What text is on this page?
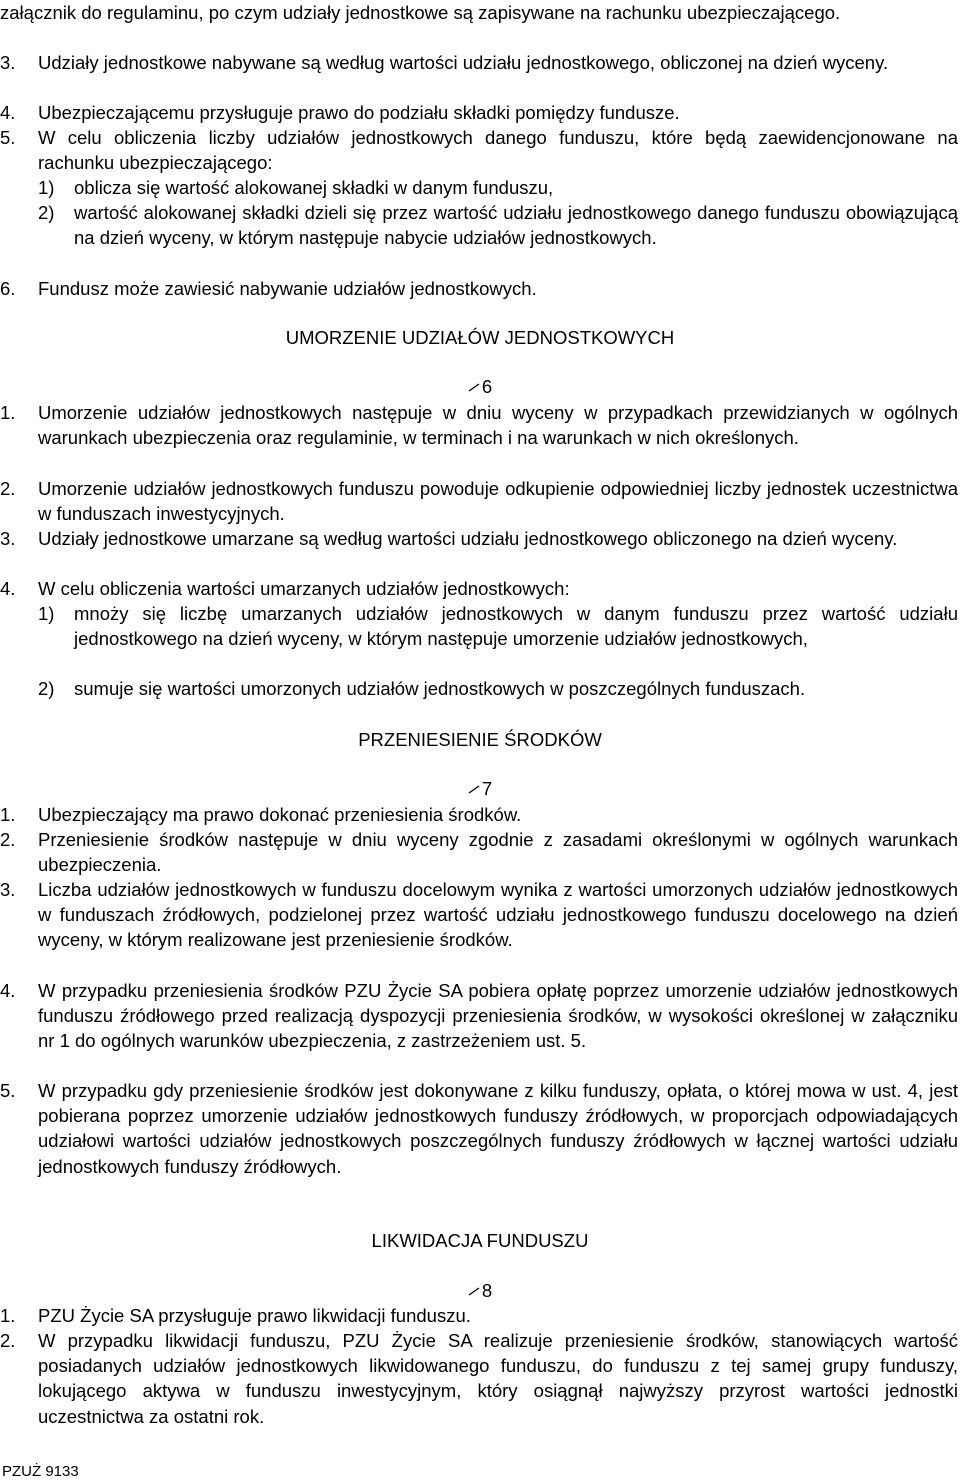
załącznik do regulaminu, po czym udziały jednostkowe są zapisywane na rachunku ubezpieczającego.
3. Udziały jednostkowe nabywane są według wartości udziału jednostkowego, obliczonej na dzień wyceny.
4. Ubezpieczającemu przysługuje prawo do podziału składki pomiędzy fundusze.
5. W celu obliczenia liczby udziałów jednostkowych danego funduszu, które będą zaewidencjonowane na rachunku ubezpieczającego:
1) oblicza się wartość alokowanej składki w danym funduszu,
2) wartość alokowanej składki dzieli się przez wartość udziału jednostkowego danego funduszu obowiązującą na dzień wyceny, w którym następuje nabycie udziałów jednostkowych.
6. Fundusz może zawiesić nabywanie udziałów jednostkowych.
UMORZENIE UDZIAŁÓW JEDNOSTKOWYCH
6
1. Umorzenie udziałów jednostkowych następuje w dniu wyceny w przypadkach przewidzianych w ogólnych warunkach ubezpieczenia oraz regulaminie, w terminach i na warunkach w nich określonych.
2. Umorzenie udziałów jednostkowych funduszu powoduje odkupienie odpowiedniej liczby jednostek uczestnictwa w funduszach inwestycyjnych.
3. Udziały jednostkowe umarzane są według wartości udziału jednostkowego obliczonego na dzień wyceny.
4. W celu obliczenia wartości umarzanych udziałów jednostkowych:
1) mnoży się liczbę umarzanych udziałów jednostkowych w danym funduszu przez wartość udziału jednostkowego na dzień wyceny, w którym następuje umorzenie udziałów jednostkowych,
2) sumuje się wartości umorzonych udziałów jednostkowych w poszczególnych funduszach.
PRZENIESIENIE ŚRODKÓW
7
1. Ubezpieczający ma prawo dokonać przeniesienia środków.
2. Przeniesienie środków następuje w dniu wyceny zgodnie z zasadami określonymi w ogólnych warunkach ubezpieczenia.
3. Liczba udziałów jednostkowych w funduszu docelowym wynika z wartości umorzonych udziałów jednostkowych w funduszach źródłowych, podzielonej przez wartość udziału jednostkowego funduszu docelowego na dzień wyceny, w którym realizowane jest przeniesienie środków.
4. W przypadku przeniesienia środków PZU Życie SA pobiera opłatę poprzez umorzenie udziałów jednostkowych funduszu źródłowego przed realizacją dyspozycji przeniesienia środków, w wysokości określonej w załączniku nr 1 do ogólnych warunków ubezpieczenia, z zastrzeżeniem ust. 5.
5. W przypadku gdy przeniesienie środków jest dokonywane z kilku funduszy, opłata, o której mowa w ust. 4, jest pobierana poprzez umorzenie udziałów jednostkowych funduszy źródłowych, w proporcjach odpowiadających udziałowi wartości udziałów jednostkowych poszczególnych funduszy źródłowych w łącznej wartości udziału jednostkowych funduszy źródłowych.
LIKWIDACJA FUNDUSZU
8
1. PZU Życie SA przysługuje prawo likwidacji funduszu.
2. W przypadku likwidacji funduszu, PZU Życie SA realizuje przeniesienie środków, stanowiących wartość posiadanych udziałów jednostkowych likwidowanego funduszu, do funduszu z tej samej grupy funduszy, lokującego aktywa w funduszu inwestycyjnym, który osiągnął najwyższy przyrost wartości jednostki uczestnictwa za ostatni rok.
PZUŻ 9133
